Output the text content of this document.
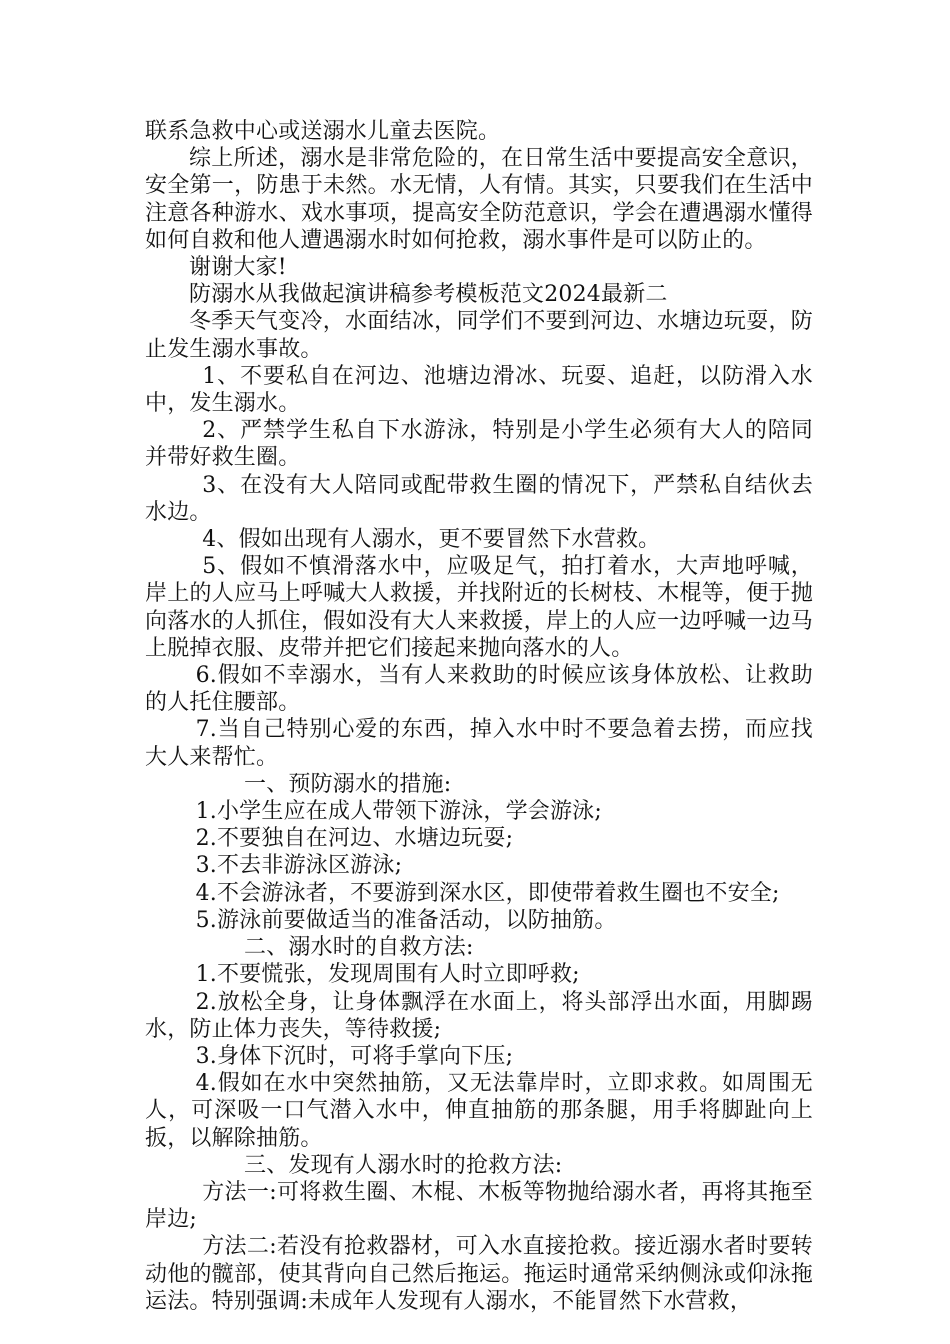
联系急救中心或送溺水儿童去医院。

综上所述，溺水是非常危险的，在日常生活中要提高安全意识，安全第一，防患于未然。水无情，人有情。其实，只要我们在生活中注意各种游水、戏水事项，提高安全防范意识，学会在遭遇溺水懂得如何自救和他人遭遇溺水时如何抢救，溺水事件是可以防止的。

谢谢大家!

防溺水从我做起演讲稿参考模板范文2024最新二

冬季天气变冷，水面结冰，同学们不要到河边、水塘边玩耍，防止发生溺水事故。

1、不要私自在河边、池塘边滑冰、玩耍、追赶，以防滑入水中，发生溺水。

2、严禁学生私自下水游泳，特别是小学生必须有大人的陪同并带好救生圈。

3、在没有大人陪同或配带救生圈的情况下，严禁私自结伙去水边。

4、假如出现有人溺水，更不要冒然下水营救。

5、假如不慎滑落水中，应吸足气，拍打着水，大声地呼喊，岸上的人应马上呼喊大人救援，并找附近的长树枝、木棍等，便于抛向落水的人抓住，假如没有大人来救援，岸上的人应一边呼喊一边马上脱掉衣服、皮带并把它们接起来抛向落水的人。

6.假如不幸溺水，当有人来救助的时候应该身体放松、让救助的人托住腰部。

7.当自己特别心爱的东西，掉入水中时不要急着去捞，而应找大人来帮忙。

一、预防溺水的措施:

1.小学生应在成人带领下游泳，学会游泳;

2.不要独自在河边、水塘边玩耍;

3.不去非游泳区游泳;

4.不会游泳者，不要游到深水区，即使带着救生圈也不安全;

5.游泳前要做适当的准备活动，以防抽筋。

二、溺水时的自救方法:

1.不要慌张，发现周围有人时立即呼救;

2.放松全身，让身体飘浮在水面上，将头部浮出水面，用脚踢水，防止体力丧失，等待救援;

3.身体下沉时，可将手掌向下压;

4.假如在水中突然抽筋，又无法靠岸时，立即求救。如周围无人，可深吸一口气潜入水中，伸直抽筋的那条腿，用手将脚趾向上扳，以解除抽筋。

三、发现有人溺水时的抢救方法:

方法一:可将救生圈、木棍、木板等物抛给溺水者，再将其拖至岸边;

方法二:若没有抢救器材，可入水直接抢救。接近溺水者时要转动他的髋部，使其背向自己然后拖运。拖运时通常采纳侧泳或仰泳拖运法。特别强调:未成年人发现有人溺水，不能冒然下水营救，
